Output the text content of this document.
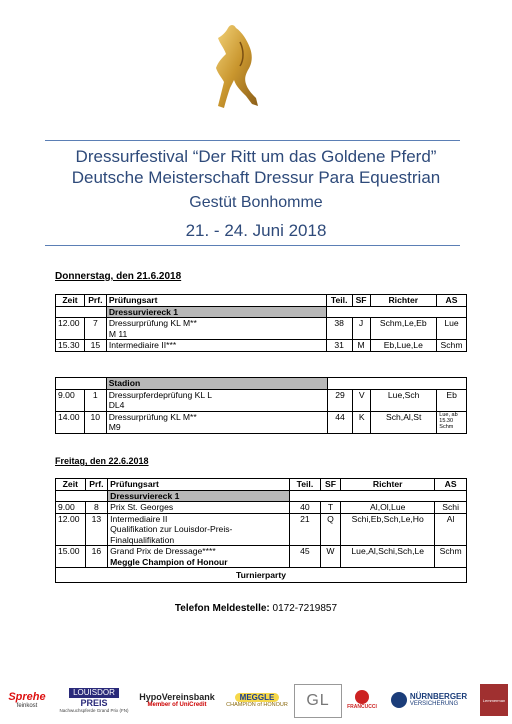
Dressurfestival “Der Ritt um das Goldene Pferd”
Deutsche Meisterschaft Dressur Para Equestrian
Gestüt Bonhomme
21. - 24. Juni 2018
Donnerstag, den 21.6.2018
Zeit	Prf.	Prüfungsart	Teil.	SF	Richter	AS
		Dressurviereck 1				
12.00	7	Dressurprüfung KL M**
M 11	38	J	Schm,Le,Eb	Lue
15.30	15	Intermediaire II***	31	M	Eb,Lue,Le	Schm
		Stadion				
9.00	1	Dressurpferdeprüfung KL L
DL4	29	V	Lue,Sch	Eb
14.00	10	Dressurprüfung KL M**
M9	44	K	Sch,Al,St	Lue, ab 15.30 Schm
Freitag, den 22.6.2018
Zeit	Prf.	Prüfungsart	Teil.	SF	Richter	AS
		Dressurviereck 1				
9.00	8	Prix St. Georges	40	T	Al,Ol,Lue	Schi
12.00	13	Intermediaire II
Qualifikation zur Louisdor-Preis-
Finalqualifikation	21	Q	Schi,Eb,Sch,Le,Ho	Al
15.00	16	Grand Prix de Dressage****
Meggle Champion of Honour	45	W	Lue,Al,Schi,Sch,Le	Schm
Turnierparty						
Telefon Meldestelle: 0172-7219857
Sprehe
feinkost
LOUISDOR
PREIS
Nachwuchspferde Grand Prix (FN)
HypoVereinsbank
Member of UniCredit
MEGGLE
CHAMPION of HONOUR GL	FRANCUCCI
NÜRNBERGER
VERSICHERUNG
Lemmerman
